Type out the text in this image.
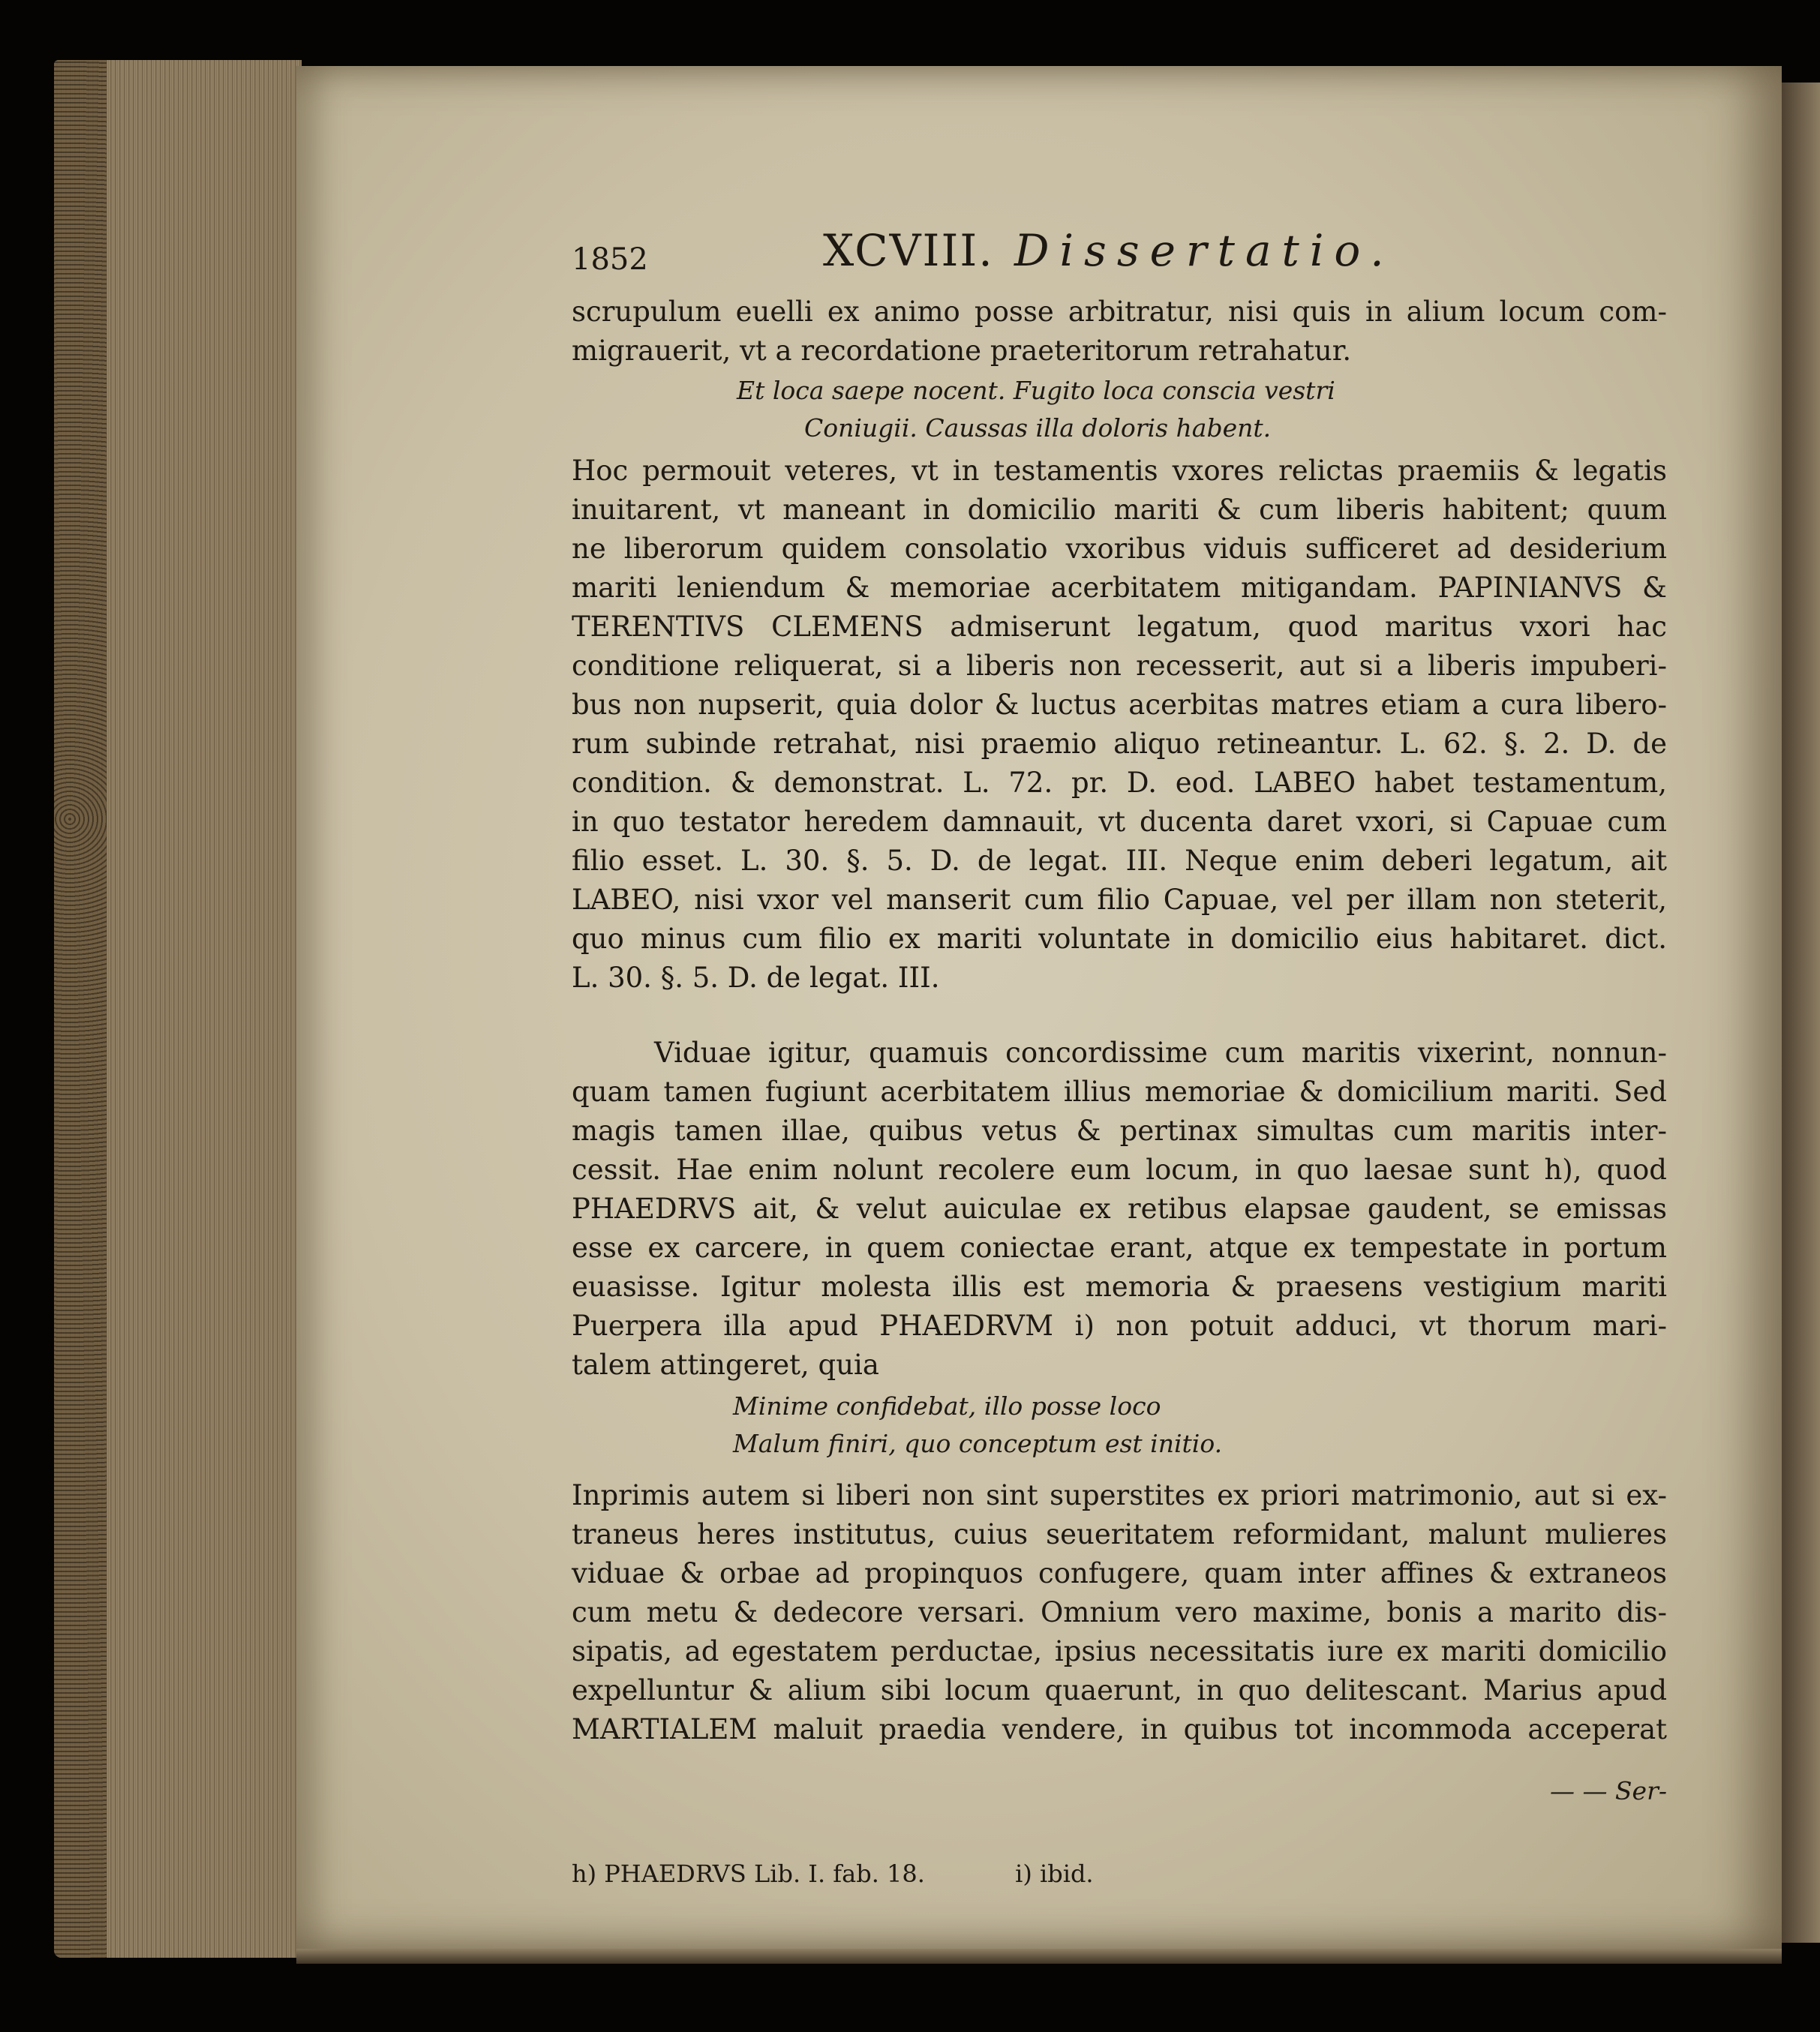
1852	XCVIII. Dissertatio.
scrupulum euelli ex animo posse arbitratur, nisi quis in alium locum com-
migrauerit, vt a recordatione praeteritorum retrahatur.
Et loca saepe nocent. Fugito loca conscia vestri
Coniugii. Caussas illa doloris habent.
Hoc permouit veteres, vt in testamentis vxores relictas praemiis & legatis
inuitarent, vt maneant in domicilio mariti & cum liberis habitent; quum
ne liberorum quidem consolatio vxoribus viduis sufficeret ad desiderium
mariti leniendum & memoriae acerbitatem mitigandam. PAPINIANVS &
TERENTIVS CLEMENS admiserunt legatum, quod maritus vxori hac
conditione reliquerat, si a liberis non recesserit, aut si a liberis impuberi-
bus non nupserit, quia dolor & luctus acerbitas matres etiam a cura libero-
rum subinde retrahat, nisi praemio aliquo retineantur. L. 62. §. 2. D. de
condition. & demonstrat. L. 72. pr. D. eod. LABEO habet testamentum,
in quo testator heredem damnauit, vt ducenta daret vxori, si Capuae cum
filio esset. L. 30. §. 5. D. de legat. III. Neque enim deberi legatum, ait
LABEO, nisi vxor vel manserit cum filio Capuae, vel per illam non steterit,
quo minus cum filio ex mariti voluntate in domicilio eius habitaret. dict.
L. 30. §. 5. D. de legat. III.
Viduae igitur, quamuis concordissime cum maritis vixerint, nonnun-
quam tamen fugiunt acerbitatem illius memoriae & domicilium mariti. Sed
magis tamen illae, quibus vetus & pertinax simultas cum maritis inter-
cessit. Hae enim nolunt recolere eum locum, in quo laesae sunt h), quod
PHAEDRVS ait, & velut auiculae ex retibus elapsae gaudent, se emissas
esse ex carcere, in quem coniectae erant, atque ex tempestate in portum
euasisse. Igitur molesta illis est memoria & praesens vestigium mariti
Puerpera illa apud PHAEDRVM i) non potuit adduci, vt thorum mari-
talem attingeret, quia
Minime confidebat, illo posse loco
Malum finiri, quo conceptum est initio.
Inprimis autem si liberi non sint superstites ex priori matrimonio, aut si ex-
traneus heres institutus, cuius seueritatem reformidant, malunt mulieres
viduae & orbae ad propinquos confugere, quam inter affines & extraneos
cum metu & dedecore versari. Omnium vero maxime, bonis a marito dis-
sipatis, ad egestatem perductae, ipsius necessitatis iure ex mariti domicilio
expelluntur & alium sibi locum quaerunt, in quo delitescant. Marius apud
MARTIALEM maluit praedia vendere, in quibus tot incommoda acceperat
— — Ser-
h) PHAEDRVS Lib. I. fab. 18.	i) ibid.
